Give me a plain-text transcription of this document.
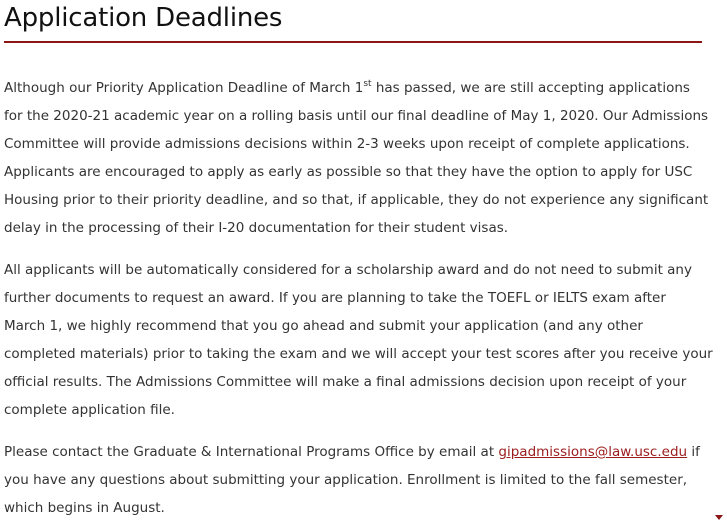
Application Deadlines

Although our Priority Application Deadline of March 1st has passed, we are still accepting applications
for the 2020-21 academic year on a rolling basis until our final deadline of May 1, 2020. Our Admissions
Committee will provide admissions decisions within 2-3 weeks upon receipt of complete applications.
Applicants are encouraged to apply as early as possible so that they have the option to apply for USC
Housing prior to their priority deadline, and so that, if applicable, they do not experience any significant
delay in the processing of their I-20 documentation for their student visas.

All applicants will be automatically considered for a scholarship award and do not need to submit any
further documents to request an award. If you are planning to take the TOEFL or IELTS exam after
March 1, we highly recommend that you go ahead and submit your application (and any other
completed materials) prior to taking the exam and we will accept your test scores after you receive your
official results. The Admissions Committee will make a final admissions decision upon receipt of your
complete application file.

Please contact the Graduate & International Programs Office by email at gipadmissions@law.usc.edu if
you have any questions about submitting your application. Enrollment is limited to the fall semester,
which begins in August.
